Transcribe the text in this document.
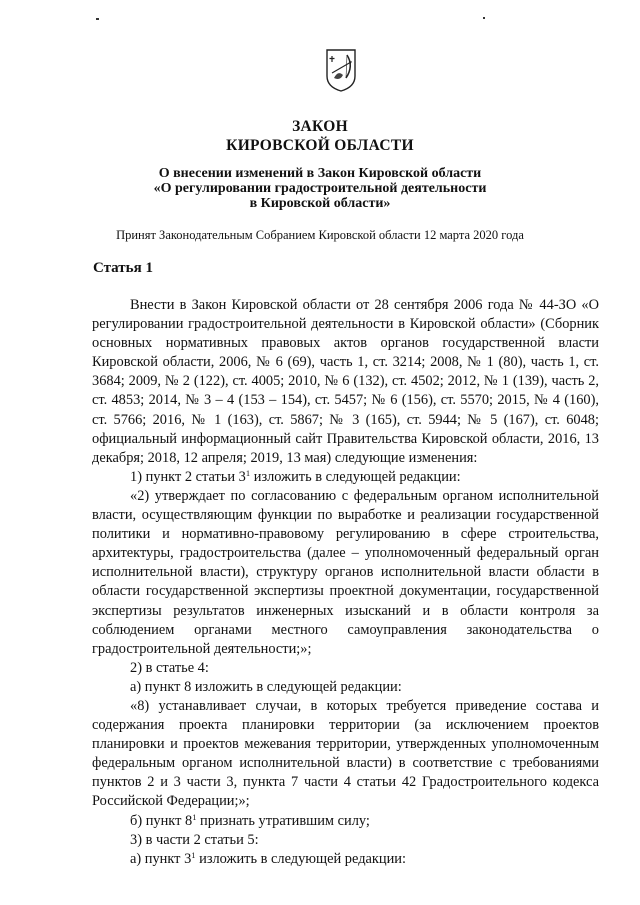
ЗАКОН
КИРОВСКОЙ ОБЛАСТИ
О внесении изменений в Закон Кировской области
«О регулировании градостроительной деятельности
в Кировской области»
Принят Законодательным Собранием Кировской области 12 марта 2020 года
Статья 1

Внести в Закон Кировской области от 28 сентября 2006 года № 44-ЗО «О регулировании градостроительной деятельности в Кировской области» (Сборник основных нормативных правовых актов органов государственной власти Кировской области, 2006, № 6 (69), часть 1, ст. 3214; 2008, № 1 (80), часть 1, ст. 3684; 2009, № 2 (122), ст. 4005; 2010, № 6 (132), ст. 4502; 2012, № 1 (139), часть 2, ст. 4853; 2014, № 3 – 4 (153 – 154), ст. 5457; № 6 (156), ст. 5570; 2015, № 4 (160), ст. 5766; 2016, № 1 (163), ст. 5867; № 3 (165), ст. 5944; № 5 (167), ст. 6048; официальный информационный сайт Правительства Кировской области, 2016, 13 декабря; 2018, 12 апреля; 2019, 13 мая) следующие изменения:

1) пункт 2 статьи $3^1$ изложить в следующей редакции:

«2) утверждает по согласованию с федеральным органом исполнительной власти, осуществляющим функции по выработке и реализации государственной политики и нормативно-правовому регулированию в сфере строительства, архитектуры, градостроительства (далее – уполномоченный федеральный орган исполнительной власти), структуру органов исполнительной власти области в области государственной экспертизы проектной документации, государственной экспертизы результатов инженерных изысканий и в области контроля за соблюдением органами местного самоуправления законодательства о градостроительной деятельности;»;

2) в статье 4:

а) пункт 8 изложить в следующей редакции:

«8) устанавливает случаи, в которых требуется приведение состава и содержания проекта планировки территории (за исключением проектов планировки и проектов межевания территории, утвержденных уполномоченным федеральным органом исполнительной власти) в соответствие с требованиями пунктов 2 и 3 части 3, пункта 7 части 4 статьи 42 Градостроительного кодекса Российской Федерации;»;

б) пункт $8^1$ признать утратившим силу;

3) в части 2 статьи 5:

а) пункт $3^1$ изложить в следующей редакции:
